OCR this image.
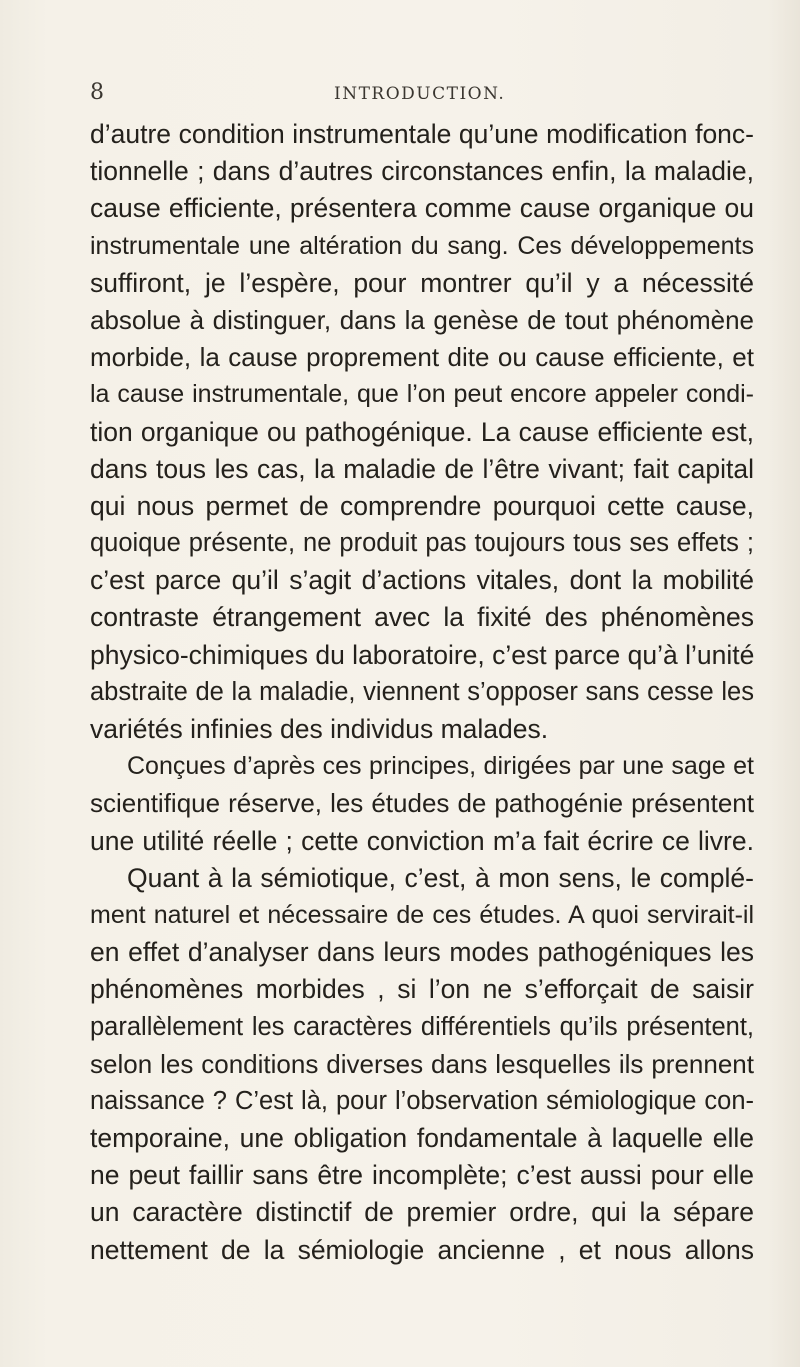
8	INTRODUCTION.
d’autre condition instrumentale qu’une modification fonc-
tionnelle ; dans d’autres circonstances enfin, la maladie,
cause efficiente, présentera comme cause organique ou
instrumentale une altération du sang. Ces développements
suffiront, je l’espère, pour montrer qu’il y a nécessité
absolue à distinguer, dans la genèse de tout phénomène
morbide, la cause proprement dite ou cause efficiente, et
la cause instrumentale, que l’on peut encore appeler condi-
tion organique ou pathogénique. La cause efficiente est,
dans tous les cas, la maladie de l’être vivant; fait capital
qui nous permet de comprendre pourquoi cette cause,
quoique présente, ne produit pas toujours tous ses effets ;
c’est parce qu’il s’agit d’actions vitales, dont la mobilité
contraste étrangement avec la fixité des phénomènes
physico-chimiques du laboratoire, c’est parce qu’à l’unité
abstraite de la maladie, viennent s’opposer sans cesse les
variétés infinies des individus malades.
Conçues d’après ces principes, dirigées par une sage et
scientifique réserve, les études de pathogénie présentent
une utilité réelle ; cette conviction m’a fait écrire ce livre.
Quant à la sémiotique, c’est, à mon sens, le complé-
ment naturel et nécessaire de ces études. A quoi servirait-il
en effet d’analyser dans leurs modes pathogéniques les
phénomènes morbides , si l’on ne s’efforçait de saisir
parallèlement les caractères différentiels qu’ils présentent,
selon les conditions diverses dans lesquelles ils prennent
naissance ? C’est là, pour l’observation sémiologique con-
temporaine, une obligation fondamentale à laquelle elle
ne peut faillir sans être incomplète; c’est aussi pour elle
un caractère distinctif de premier ordre, qui la sépare
nettement de la sémiologie ancienne , et nous allons
